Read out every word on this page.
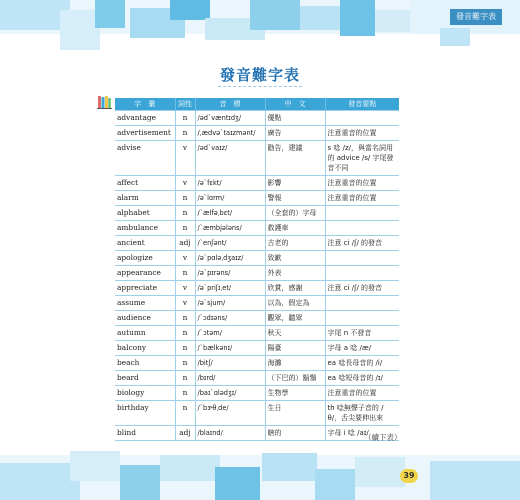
發音難字表
發音難字表
字　彙	詞性	音　標	中　文	發音要點
advantage	n	/əd`væntɪdʒ/	優點	
advertisement	n	/ˌædvə`taɪzmənt/	廣告	注意重音的位置
advise	v	/əd`vaɪz/	勸告，建議	s 唸 /z/，與當名詞用的 advice /s/ 字尾發音不同
affect	v	/ə`fɛkt/	影響	注意重音的位置
alarm	n	/ə`lɑrm/	警報	注意重音的位置
alphabet	n	/`ælfəˌbɛt/	（全套的）字母	
ambulance	n	/`æmbjələns/	救護車	
ancient	adj	/`enʃənt/	古老的	注意 ci /ʃ/ 的發音
apologize	v	/ə`pɑləˌdʒaɪz/	致歉	
appearance	n	/ə`pɪrəns/	外表	
appreciate	v	/ə`priʃɪˌet/	欣賞，感謝	注意 ci /ʃ/ 的發音
assume	v	/ə`sjum/	以為，假定為	
audience	n	/`ɔdɪəns/	觀眾，聽眾	
autumn	n	/`ɔtəm/	秋天	字尾 n 不發音
balcony	n	/`bælkənɪ/	陽臺	字母 a 唸 /æ/
beach	n	/bitʃ/	海灘	ea 唸長母音的 /i/
beard	n	/bɪrd/	（下巴的）鬍鬚	ea 唸短母音的 /ɪ/
biology	n	/baɪ`ɑlədʒɪ/	生物學	注意重音的位置
birthday	n	/`bɝθˌde/	生日	th 唸無聲子音的 /θ/，舌尖要伸出來
blind	adj	/blaɪnd/	瞎的	字母 i 唸 /aɪ/
（續下表）
39
